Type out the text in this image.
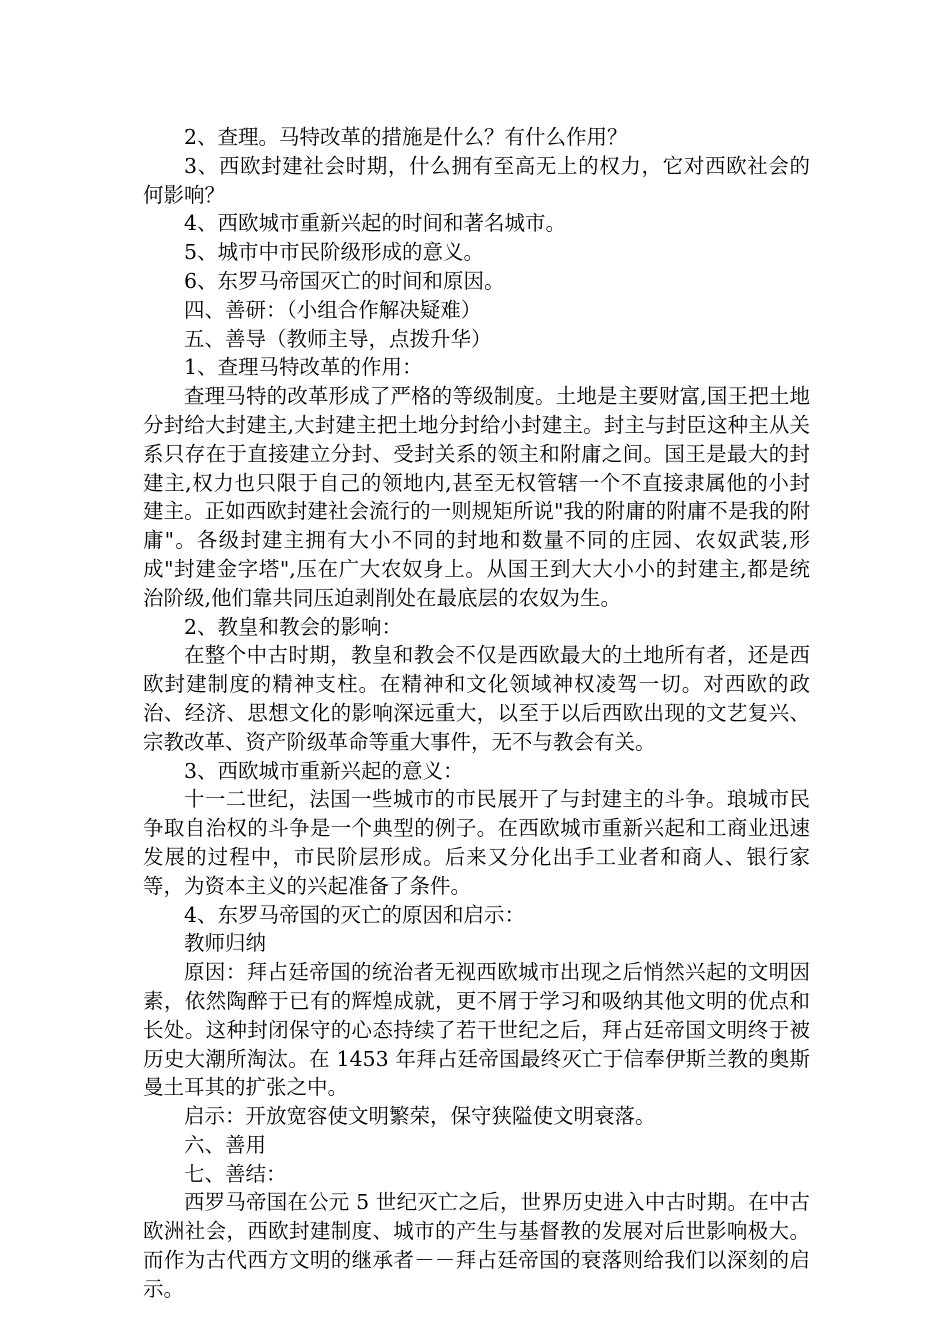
2、查理。马特改革的措施是什么？有什么作用？

3、西欧封建社会时期，什么拥有至高无上的权力，它对西欧社会的何影响？

4、西欧城市重新兴起的时间和著名城市。

5、城市中市民阶级形成的意义。

6、东罗马帝国灭亡的时间和原因。

四、善研：（小组合作解决疑难）

五、善导（教师主导，点拨升华）

1、查理马特改革的作用：

查理马特的改革形成了严格的等级制度。土地是主要财富,国王把土地分封给大封建主,大封建主把土地分封给小封建主。封主与封臣这种主从关系只存在于直接建立分封、受封关系的领主和附庸之间。国王是最大的封建主,权力也只限于自己的领地内,甚至无权管辖一个不直接隶属他的小封建主。正如西欧封建社会流行的一则规矩所说"我的附庸的附庸不是我的附庸"。各级封建主拥有大小不同的封地和数量不同的庄园、农奴武装,形成"封建金字塔",压在广大农奴身上。从国王到大大小小的封建主,都是统治阶级,他们靠共同压迫剥削处在最底层的农奴为生。

2、教皇和教会的影响：

在整个中古时期，教皇和教会不仅是西欧最大的土地所有者，还是西欧封建制度的精神支柱。在精神和文化领域神权凌驾一切。对西欧的政治、经济、思想文化的影响深远重大，以至于以后西欧出现的文艺复兴、宗教改革、资产阶级革命等重大事件，无不与教会有关。

3、西欧城市重新兴起的意义：

十一二世纪，法国一些城市的市民展开了与封建主的斗争。琅城市民争取自治权的斗争是一个典型的例子。在西欧城市重新兴起和工商业迅速发展的过程中，市民阶层形成。后来又分化出手工业者和商人、银行家等，为资本主义的兴起准备了条件。

4、东罗马帝国的灭亡的原因和启示：

教师归纳

原因：拜占廷帝国的统治者无视西欧城市出现之后悄然兴起的文明因素，依然陶醉于已有的辉煌成就，更不屑于学习和吸纳其他文明的优点和长处。这种封闭保守的心态持续了若干世纪之后，拜占廷帝国文明终于被历史大潮所淘汰。在 1453 年拜占廷帝国最终灭亡于信奉伊斯兰教的奥斯曼土耳其的扩张之中。

启示：开放宽容使文明繁荣，保守狭隘使文明衰落。

六、善用

七、善结：

西罗马帝国在公元 5 世纪灭亡之后，世界历史进入中古时期。在中古欧洲社会，西欧封建制度、城市的产生与基督教的发展对后世影响极大。而作为古代西方文明的继承者－－拜占廷帝国的衰落则给我们以深刻的启示。
